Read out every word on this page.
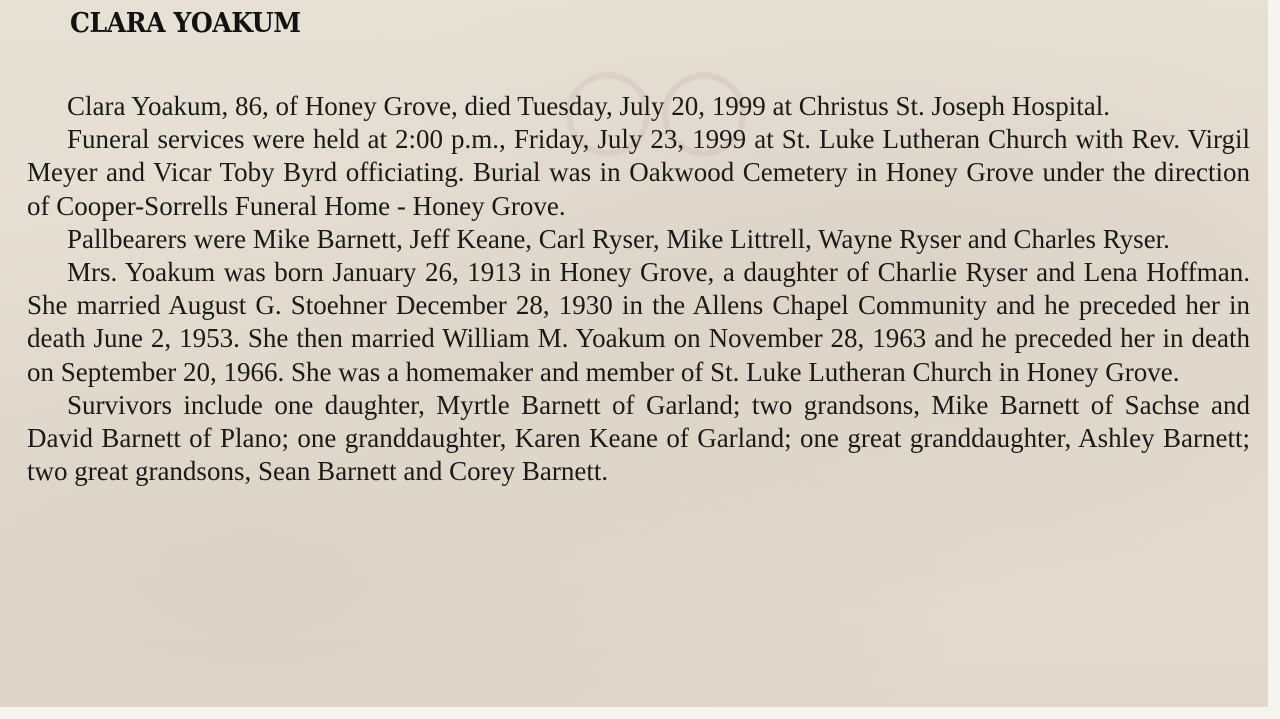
○○
CLARA YOAKUM

Clara Yoakum, 86, of Honey Grove, died Tuesday, July 20, 1999 at Christus St. Joseph Hospital.

Funeral services were held at 2:00 p.m., Friday, July 23, 1999 at St. Luke Lutheran Church with Rev. Virgil Meyer and Vicar Toby Byrd officiating. Burial was in Oakwood Cemetery in Honey Grove under the direction of Cooper-Sorrells Funeral Home - Honey Grove.

Pallbearers were Mike Barnett, Jeff Keane, Carl Ryser, Mike Littrell, Wayne Ryser and Charles Ryser.

Mrs. Yoakum was born January 26, 1913 in Honey Grove, a daughter of Charlie Ryser and Lena Hoffman. She married August G. Stoehner December 28, 1930 in the Allens Chapel Community and he preceded her in death June 2, 1953. She then married William M. Yoakum on November 28, 1963 and he preceded her in death on September 20, 1966. She was a homemaker and member of St. Luke Lutheran Church in Honey Grove.

Survivors include one daughter, Myrtle Barnett of Garland; two grandsons, Mike Barnett of Sachse and David Barnett of Plano; one granddaughter, Karen Keane of Garland; one great granddaughter, Ashley Barnett; two great grandsons, Sean Barnett and Corey Barnett.
